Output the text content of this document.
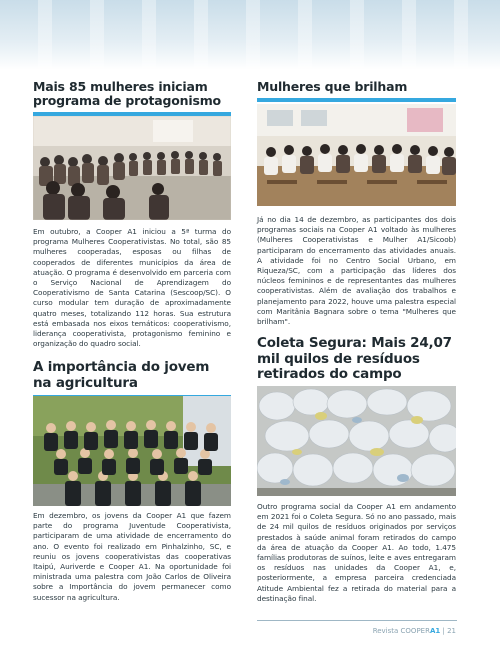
Mais 85 mulheres iniciam programa de protagonismo

Em outubro, a Cooper A1 iniciou a 5ª turma do programa Mulheres Cooperativistas. No total, são 85 mulheres cooperadas, esposas ou filhas de cooperados de diferentes municípios da área de atuação. O programa é desenvolvido em parceria com o Serviço Nacional de Aprendizagem do Cooperativismo de Santa Catarina (Sescoop/SC). O curso modular tem duração de aproximadamente quatro meses, totalizando 112 horas. Sua estrutura está embasada nos eixos temáticos: cooperativismo, liderança cooperativista, protagonismo feminino e organização do quadro social.

A importância do jovem na agricultura

Em dezembro, os jovens da Cooper A1 que fazem parte do programa Juventude Cooperativista, participaram de uma atividade de encerramento do ano. O evento foi realizado em Pinhalzinho, SC, e reuniu os jovens cooperativistas das cooperativas Itaipú, Auriverde e Cooper A1. Na oportunidade foi ministrada uma palestra com João Carlos de Oliveira sobre a Importância do jovem permanecer como sucessor na agricultura.

Mulheres que brilham

Já no dia 14 de dezembro, as participantes dos dois programas sociais na Cooper A1 voltado às mulheres (Mulheres Cooperativistas e Mulher A1/Sicoob) participaram do encerramento das atividades anuais. A atividade foi no Centro Social Urbano, em Riqueza/SC, com a participação das líderes dos núcleos femininos e de representantes das mulheres cooperativistas. Além de avaliação dos trabalhos e planejamento para 2022, houve uma palestra especial com Maritânia Bagnara sobre o tema "Mulheres que brilham".

Coleta Segura: Mais 24,07 mil quilos de resíduos retirados do campo

Outro programa social da Cooper A1 em andamento em 2021 foi o Coleta Segura. Só no ano passado, mais de 24 mil quilos de resíduos originados por serviços prestados à saúde animal foram retirados do campo da área de atuação da Cooper A1. Ao todo, 1.475 famílias produtoras de suínos, leite e aves entregaram os resíduos nas unidades da Cooper A1, e, posteriormente, a empresa parceira credenciada Atitude Ambiental fez a retirada do material para a destinação final.

Revista COOPERA1 | 21
